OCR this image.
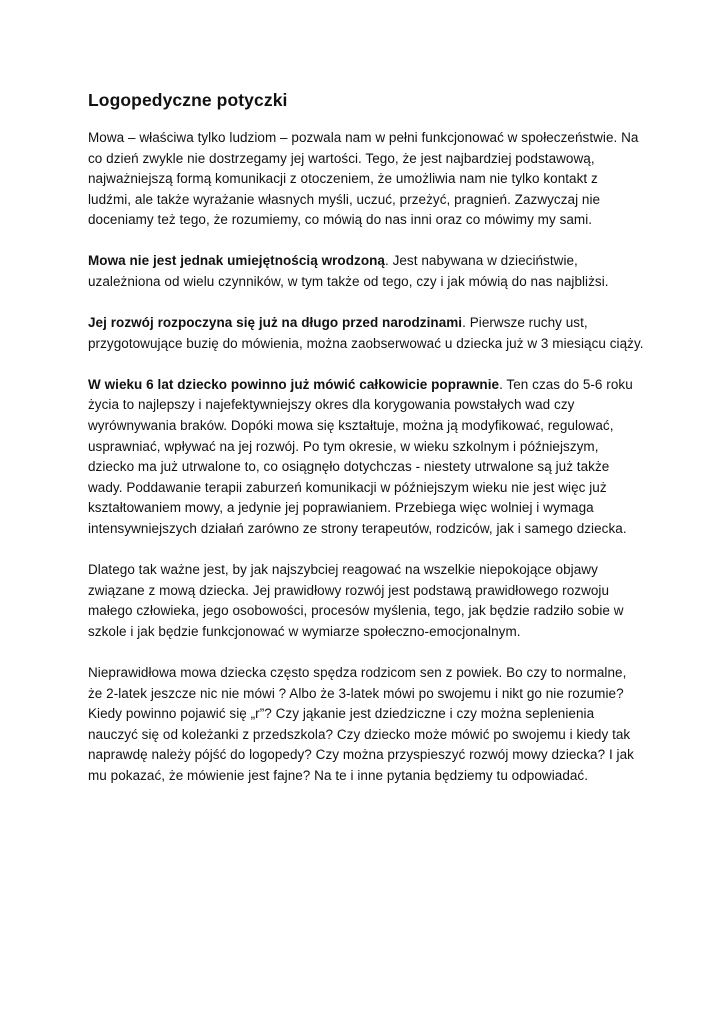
Logopedyczne potyczki

Mowa – właściwa tylko ludziom – pozwala nam w pełni funkcjonować w społeczeństwie. Na co dzień zwykle nie dostrzegamy jej wartości. Tego, że jest najbardziej podstawową, najważniejszą formą komunikacji z otoczeniem, że umożliwia nam nie tylko kontakt z ludźmi, ale także wyrażanie własnych myśli, uczuć, przeżyć, pragnień. Zazwyczaj nie doceniamy też tego, że rozumiemy, co mówią do nas inni oraz co mówimy my sami.

Mowa nie jest jednak umiejętnością wrodzoną. Jest nabywana w dzieciństwie, uzależniona od wielu czynników, w tym także od tego, czy i jak mówią do nas najbliżsi.

Jej rozwój rozpoczyna się już na długo przed narodzinami. Pierwsze ruchy ust, przygotowujące buzię do mówienia, można zaobserwować u dziecka już w 3 miesiącu ciąży.

W wieku 6 lat dziecko powinno już mówić całkowicie poprawnie. Ten czas do 5-6 roku życia to najlepszy i najefektywniejszy okres dla korygowania powstałych wad czy wyrównywania braków. Dopóki mowa się kształtuje, można ją modyfikować, regulować, usprawniać, wpływać na jej rozwój. Po tym okresie, w wieku szkolnym i późniejszym, dziecko ma już utrwalone to, co osiągnęło dotychczas - niestety utrwalone są już także wady. Poddawanie terapii zaburzeń komunikacji w późniejszym wieku nie jest więc już kształtowaniem mowy, a jedynie jej poprawianiem. Przebiega więc wolniej i wymaga intensywniejszych działań zarówno ze strony terapeutów, rodziców, jak i samego dziecka.

Dlatego tak ważne jest, by jak najszybciej reagować na wszelkie niepokojące objawy związane z mową dziecka. Jej prawidłowy rozwój jest podstawą prawidłowego rozwoju małego człowieka, jego osobowości, procesów myślenia, tego, jak będzie radziło sobie w szkole i jak będzie funkcjonować w wymiarze społeczno-emocjonalnym.

Nieprawidłowa mowa dziecka często spędza rodzicom sen z powiek. Bo czy to normalne, że 2-latek jeszcze nic nie mówi ? Albo że 3-latek mówi po swojemu i nikt go nie rozumie? Kiedy powinno pojawić się „r”? Czy jąkanie jest dziedziczne i czy można seplenienia nauczyć się od koleżanki z przedszkola? Czy dziecko może mówić po swojemu i kiedy tak naprawdę należy pójść do logopedy? Czy można przyspieszyć rozwój mowy dziecka? I jak mu pokazać, że mówienie jest fajne? Na te i inne pytania będziemy tu odpowiadać.
